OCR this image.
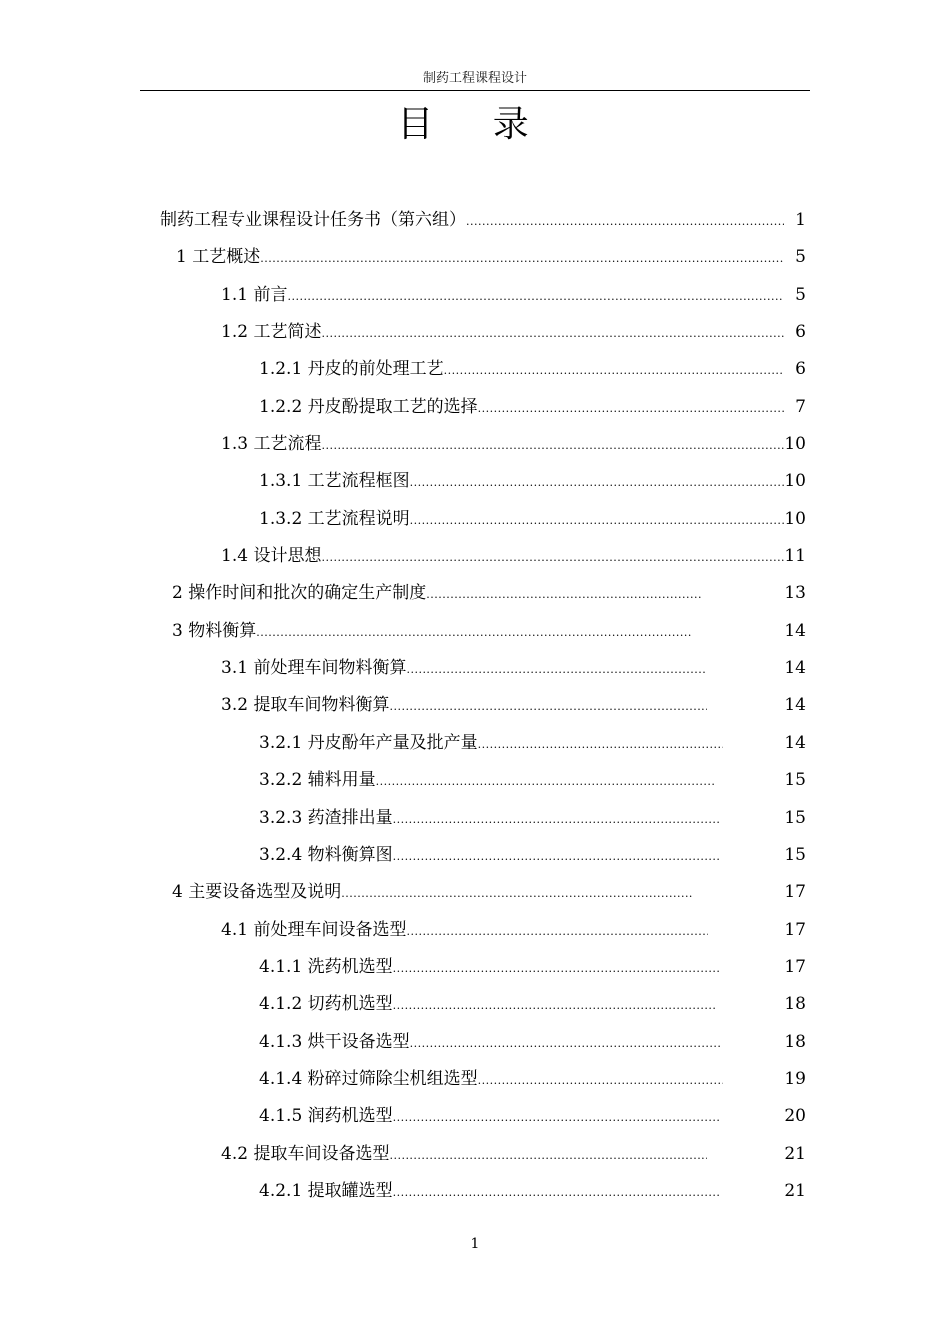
制药工程课程设计
目 录
制药工程专业课程设计任务书（第六组） .....	1
1 工艺概述 .....	5
1.1 前言 .....	5
1.2 工艺简述 .....	6
1.2.1 丹皮的前处理工艺 .....	6
1.2.2 丹皮酚提取工艺的选择 .....	7
1.3 工艺流程 .....	10
1.3.1 工艺流程框图 .....	10
1.3.2 工艺流程说明 .....	10
1.4 设计思想 .....	11
2 操作时间和批次的确定生产制度 .....	13
3 物料衡算 .....	14
3.1 前处理车间物料衡算 .....	14
3.2 提取车间物料衡算 .....	14
3.2.1 丹皮酚年产量及批产量 .....	14
3.2.2 辅料用量 .....	15
3.2.3 药渣排出量 .....	15
3.2.4 物料衡算图 .....	15
4 主要设备选型及说明 .....	17
4.1 前处理车间设备选型 .....	17
4.1.1 洗药机选型 .....	17
4.1.2 切药机选型 .....	18
4.1.3 烘干设备选型 .....	18
4.1.4 粉碎过筛除尘机组选型 .....	19
4.1.5 润药机选型 .....	20
4.2 提取车间设备选型 .....	21
4.2.1 提取罐选型 .....	21
1
